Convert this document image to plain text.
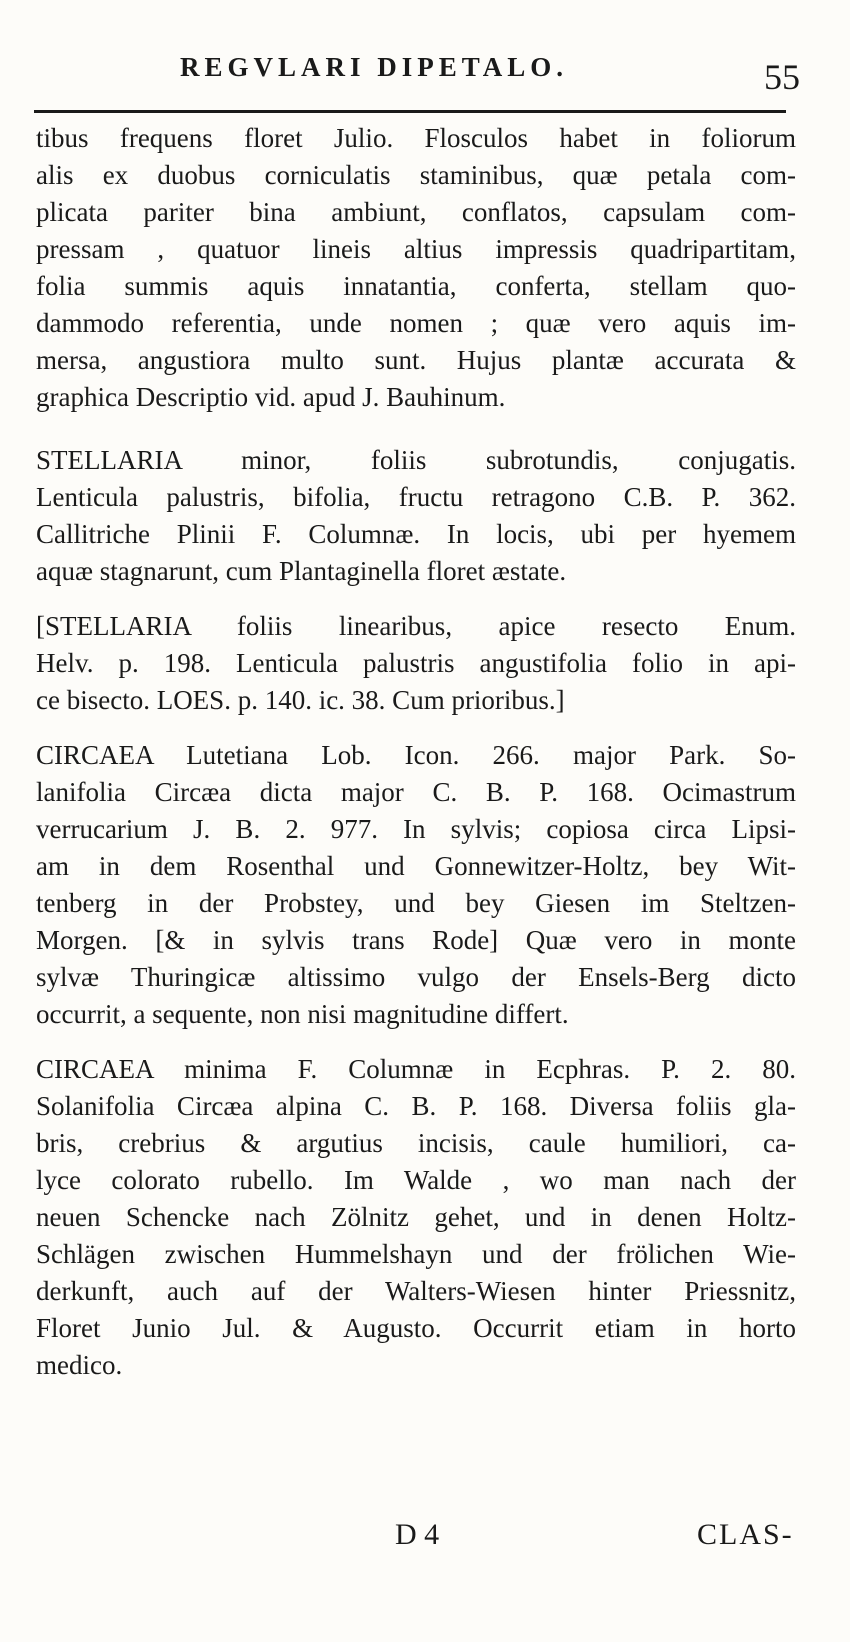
REGVLARI DIPETALO.	55
tibus frequens floret Julio. Flosculos habet in foliorum
alis ex duobus corniculatis staminibus, quæ petala com-
plicata pariter bina ambiunt, conflatos, capsulam com-
pressam , quatuor lineis altius impressis quadripartitam,
folia summis aquis innatantia, conferta, stellam quo-
dammodo referentia, unde nomen ; quæ vero aquis im-
mersa, angustiora multo sunt. Hujus plantæ accurata &
graphica Descriptio vid. apud J. Bauhinum.
STELLARIA minor, foliis subrotundis, conjugatis.
Lenticula palustris, bifolia, fructu retragono C.B. P. 362.
Callitriche Plinii F. Columnæ. In locis, ubi per hyemem
aquæ stagnarunt, cum Plantaginella floret æstate.
[STELLARIA foliis linearibus, apice resecto Enum.
Helv. p. 198. Lenticula palustris angustifolia folio in api-
ce bisecto. LOES. p. 140. ic. 38. Cum prioribus.]
CIRCAEA Lutetiana Lob. Icon. 266. major Park. So-
lanifolia Circæa dicta major C. B. P. 168. Ocimastrum
verrucarium J. B. 2. 977. In sylvis; copiosa circa Lipsi-
am in dem Rosenthal und Gonnewitzer-Holtz, bey Wit-
tenberg in der Probstey, und bey Giesen im Steltzen-
Morgen. [& in sylvis trans Rode] Quæ vero in monte
sylvæ Thuringicæ altissimo vulgo der Ensels-Berg dicto
occurrit, a sequente, non nisi magnitudine differt.
CIRCAEA minima F. Columnæ in Ecphras. P. 2. 80.
Solanifolia Circæa alpina C. B. P. 168. Diversa foliis gla-
bris, crebrius & argutius incisis, caule humiliori, ca-
lyce colorato rubello. Im Walde , wo man nach der
neuen Schencke nach Zölnitz gehet, und in denen Holtz-
Schlägen zwischen Hummelshayn und der frölichen Wie-
derkunft, auch auf der Walters-Wiesen hinter Priessnitz,
Floret Junio Jul. & Augusto. Occurrit etiam in horto
medico.
D 4	CLAS-
